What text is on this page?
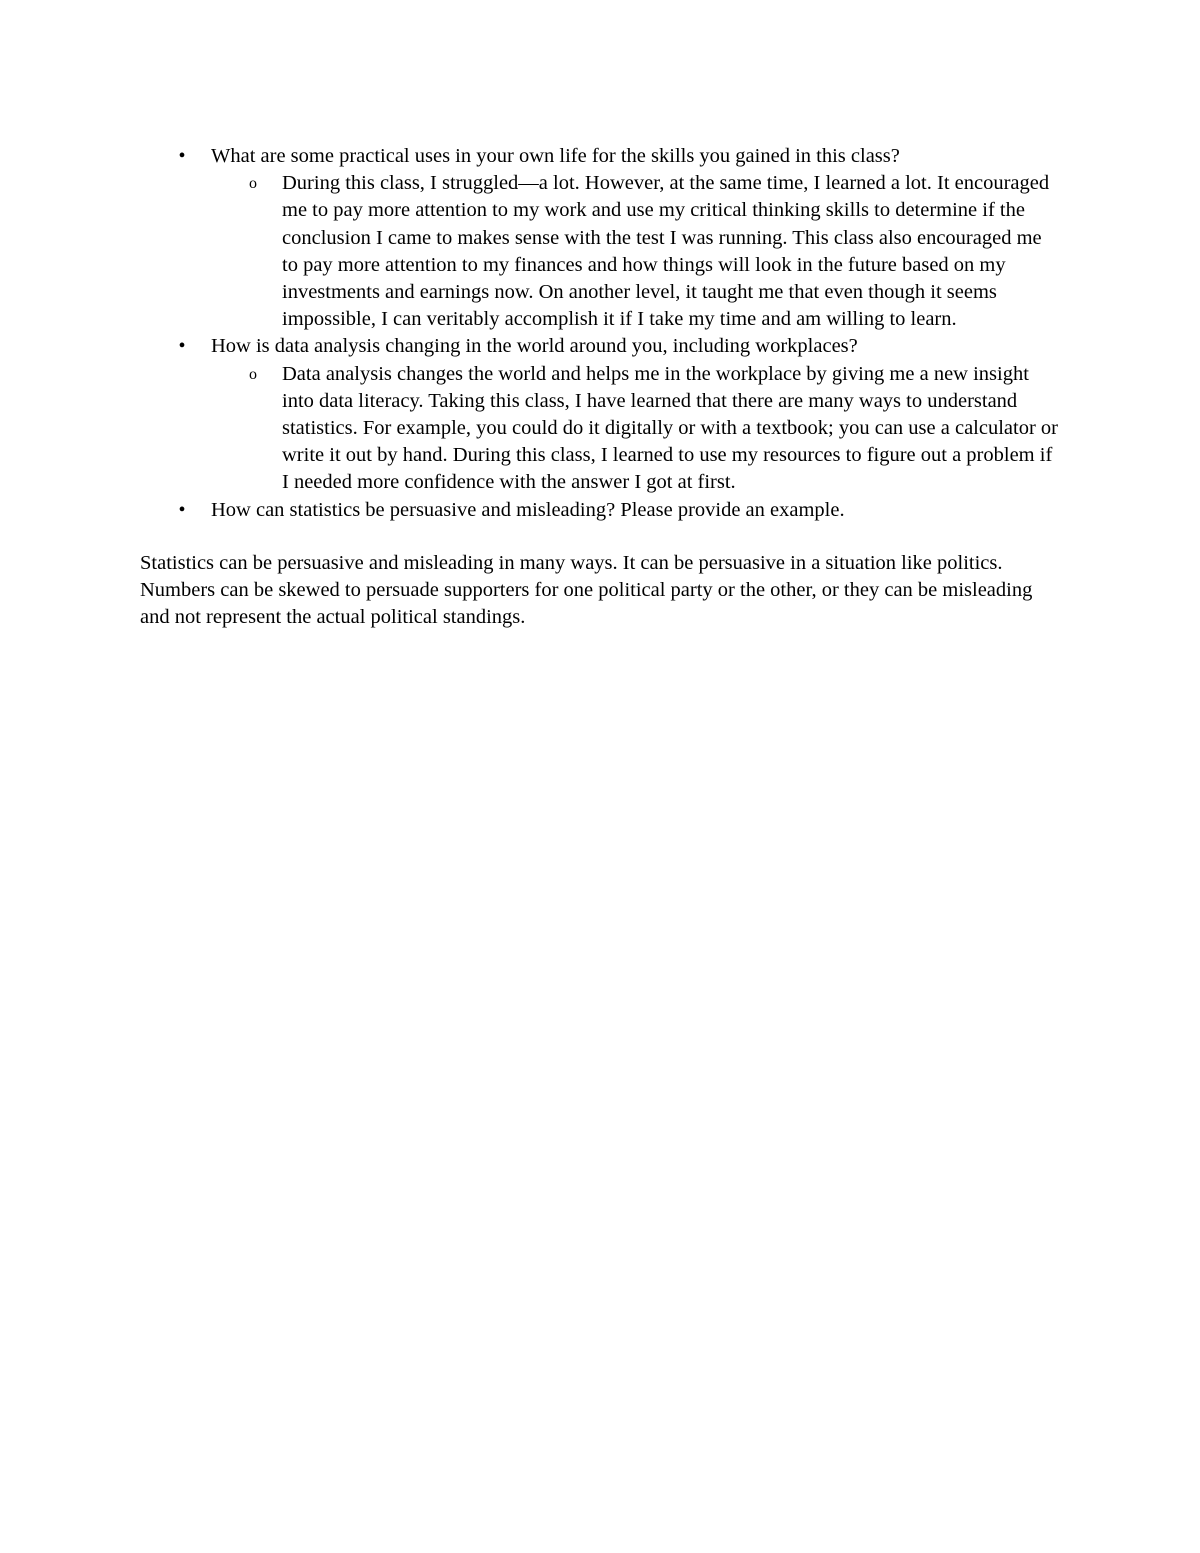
•	What are some practical uses in your own life for the skills you gained in this class?
o During this class, I struggled—a lot. However, at the same time, I learned a lot. It encouraged me to pay more attention to my work and use my critical thinking skills to determine if the conclusion I came to makes sense with the test I was running. This class also encouraged me to pay more attention to my finances and how things will look in the future based on my investments and earnings now. On another level, it taught me that even though it seems impossible, I can veritably accomplish it if I take my time and am willing to learn.
•	How is data analysis changing in the world around you, including workplaces?
o Data analysis changes the world and helps me in the workplace by giving me a new insight into data literacy. Taking this class, I have learned that there are many ways to understand statistics. For example, you could do it digitally or with a textbook; you can use a calculator or write it out by hand. During this class, I learned to use my resources to figure out a problem if I needed more confidence with the answer I got at first.
•	How can statistics be persuasive and misleading? Please provide an example.

Statistics can be persuasive and misleading in many ways. It can be persuasive in a situation like politics. Numbers can be skewed to persuade supporters for one political party or the other, or they can be misleading and not represent the actual political standings.
